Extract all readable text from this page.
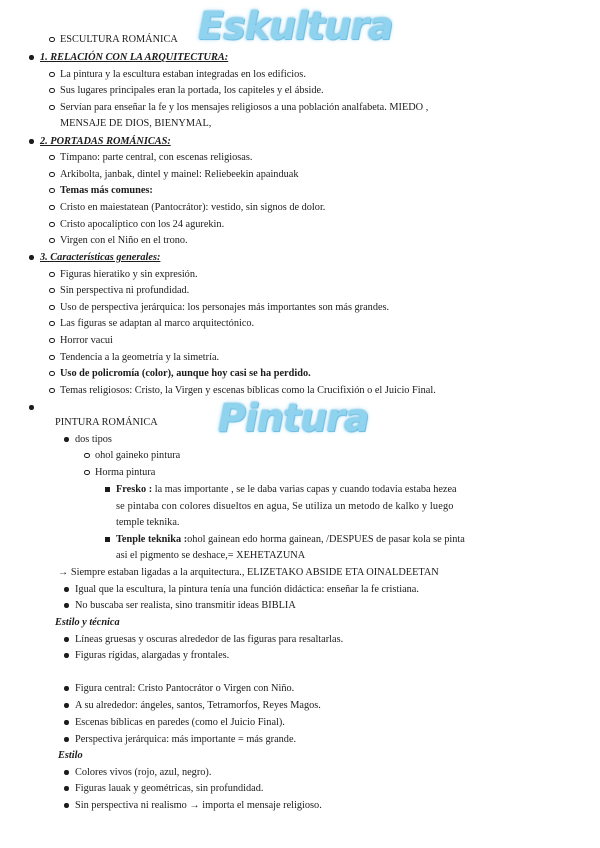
Eskultura
Pintura
ESCULTURA ROMÁNICA
1. RELACIÓN CON LA ARQUITECTURA:
La pintura y la escultura estaban integradas en los edificios.
Sus lugares principales eran la portada, los capiteles y el ábside.
Servían para enseñar la fe y los mensajes religiosos a una población analfabeta. MIEDO ,
MENSAJE DE DIOS, BIENYMAL,
2. PORTADAS ROMÁNICAS:
Tímpano: parte central, con escenas religiosas.
Arkibolta, janbak, dintel y mainel: Reliebeekin apainduak
Temas más comunes:
Cristo en maiestatean (Pantocrátor): vestido, sin signos de dolor.
Cristo apocalíptico con los 24 agurekin.
Virgen con el Niño en el trono.
3. Características generales:
Figuras hieratiko y sin expresión.
Sin perspectiva ni profundidad.
Uso de perspectiva jerárquica: los personajes más importantes son más grandes.
Las figuras se adaptan al marco arquitectónico.
Horror vacui
Tendencia a la geometría y la simetría.
Uso de policromía (color), aunque hoy casi se ha perdido.
Temas religiosos: Cristo, la Virgen y escenas bíblicas como la Crucifixión o el Juicio Final.
PINTURA ROMÁNICA
dos tipos
ohol gaineko pintura
Horma pintura
Fresko : la mas importante , se le daba varias capas y cuando todavia estaba hezea
se pintaba con colores disueltos en agua, Se utiliza un metodo de kalko y luego
temple teknika.
Tenple teknika :ohol gainean edo horma gainean, /DESPUES de pasar kola se pinta
asi el pigmento se deshace,= XEHETAZUNA
→ Siempre estaban ligadas a la arquitectura., ELIZETAKO ABSIDE ETA OINALDEETAN
Igual que la escultura, la pintura tenía una función didáctica: enseñar la fe cristiana.
No buscaba ser realista, sino transmitir ideas BIBLIA
Estilo y técnica
Líneas gruesas y oscuras alrededor de las figuras para resaltarlas.
Figuras rígidas, alargadas y frontales.
Figura central: Cristo Pantocrátor o Virgen con Niño.
A su alrededor: ángeles, santos, Tetramorfos, Reyes Magos.
Escenas bíblicas en paredes (como el Juicio Final).
Perspectiva jerárquica: más importante = más grande.
Estilo
Colores vivos (rojo, azul, negro).
Figuras lauak y geométricas, sin profundidad.
Sin perspectiva ni realismo → importa el mensaje religioso.
